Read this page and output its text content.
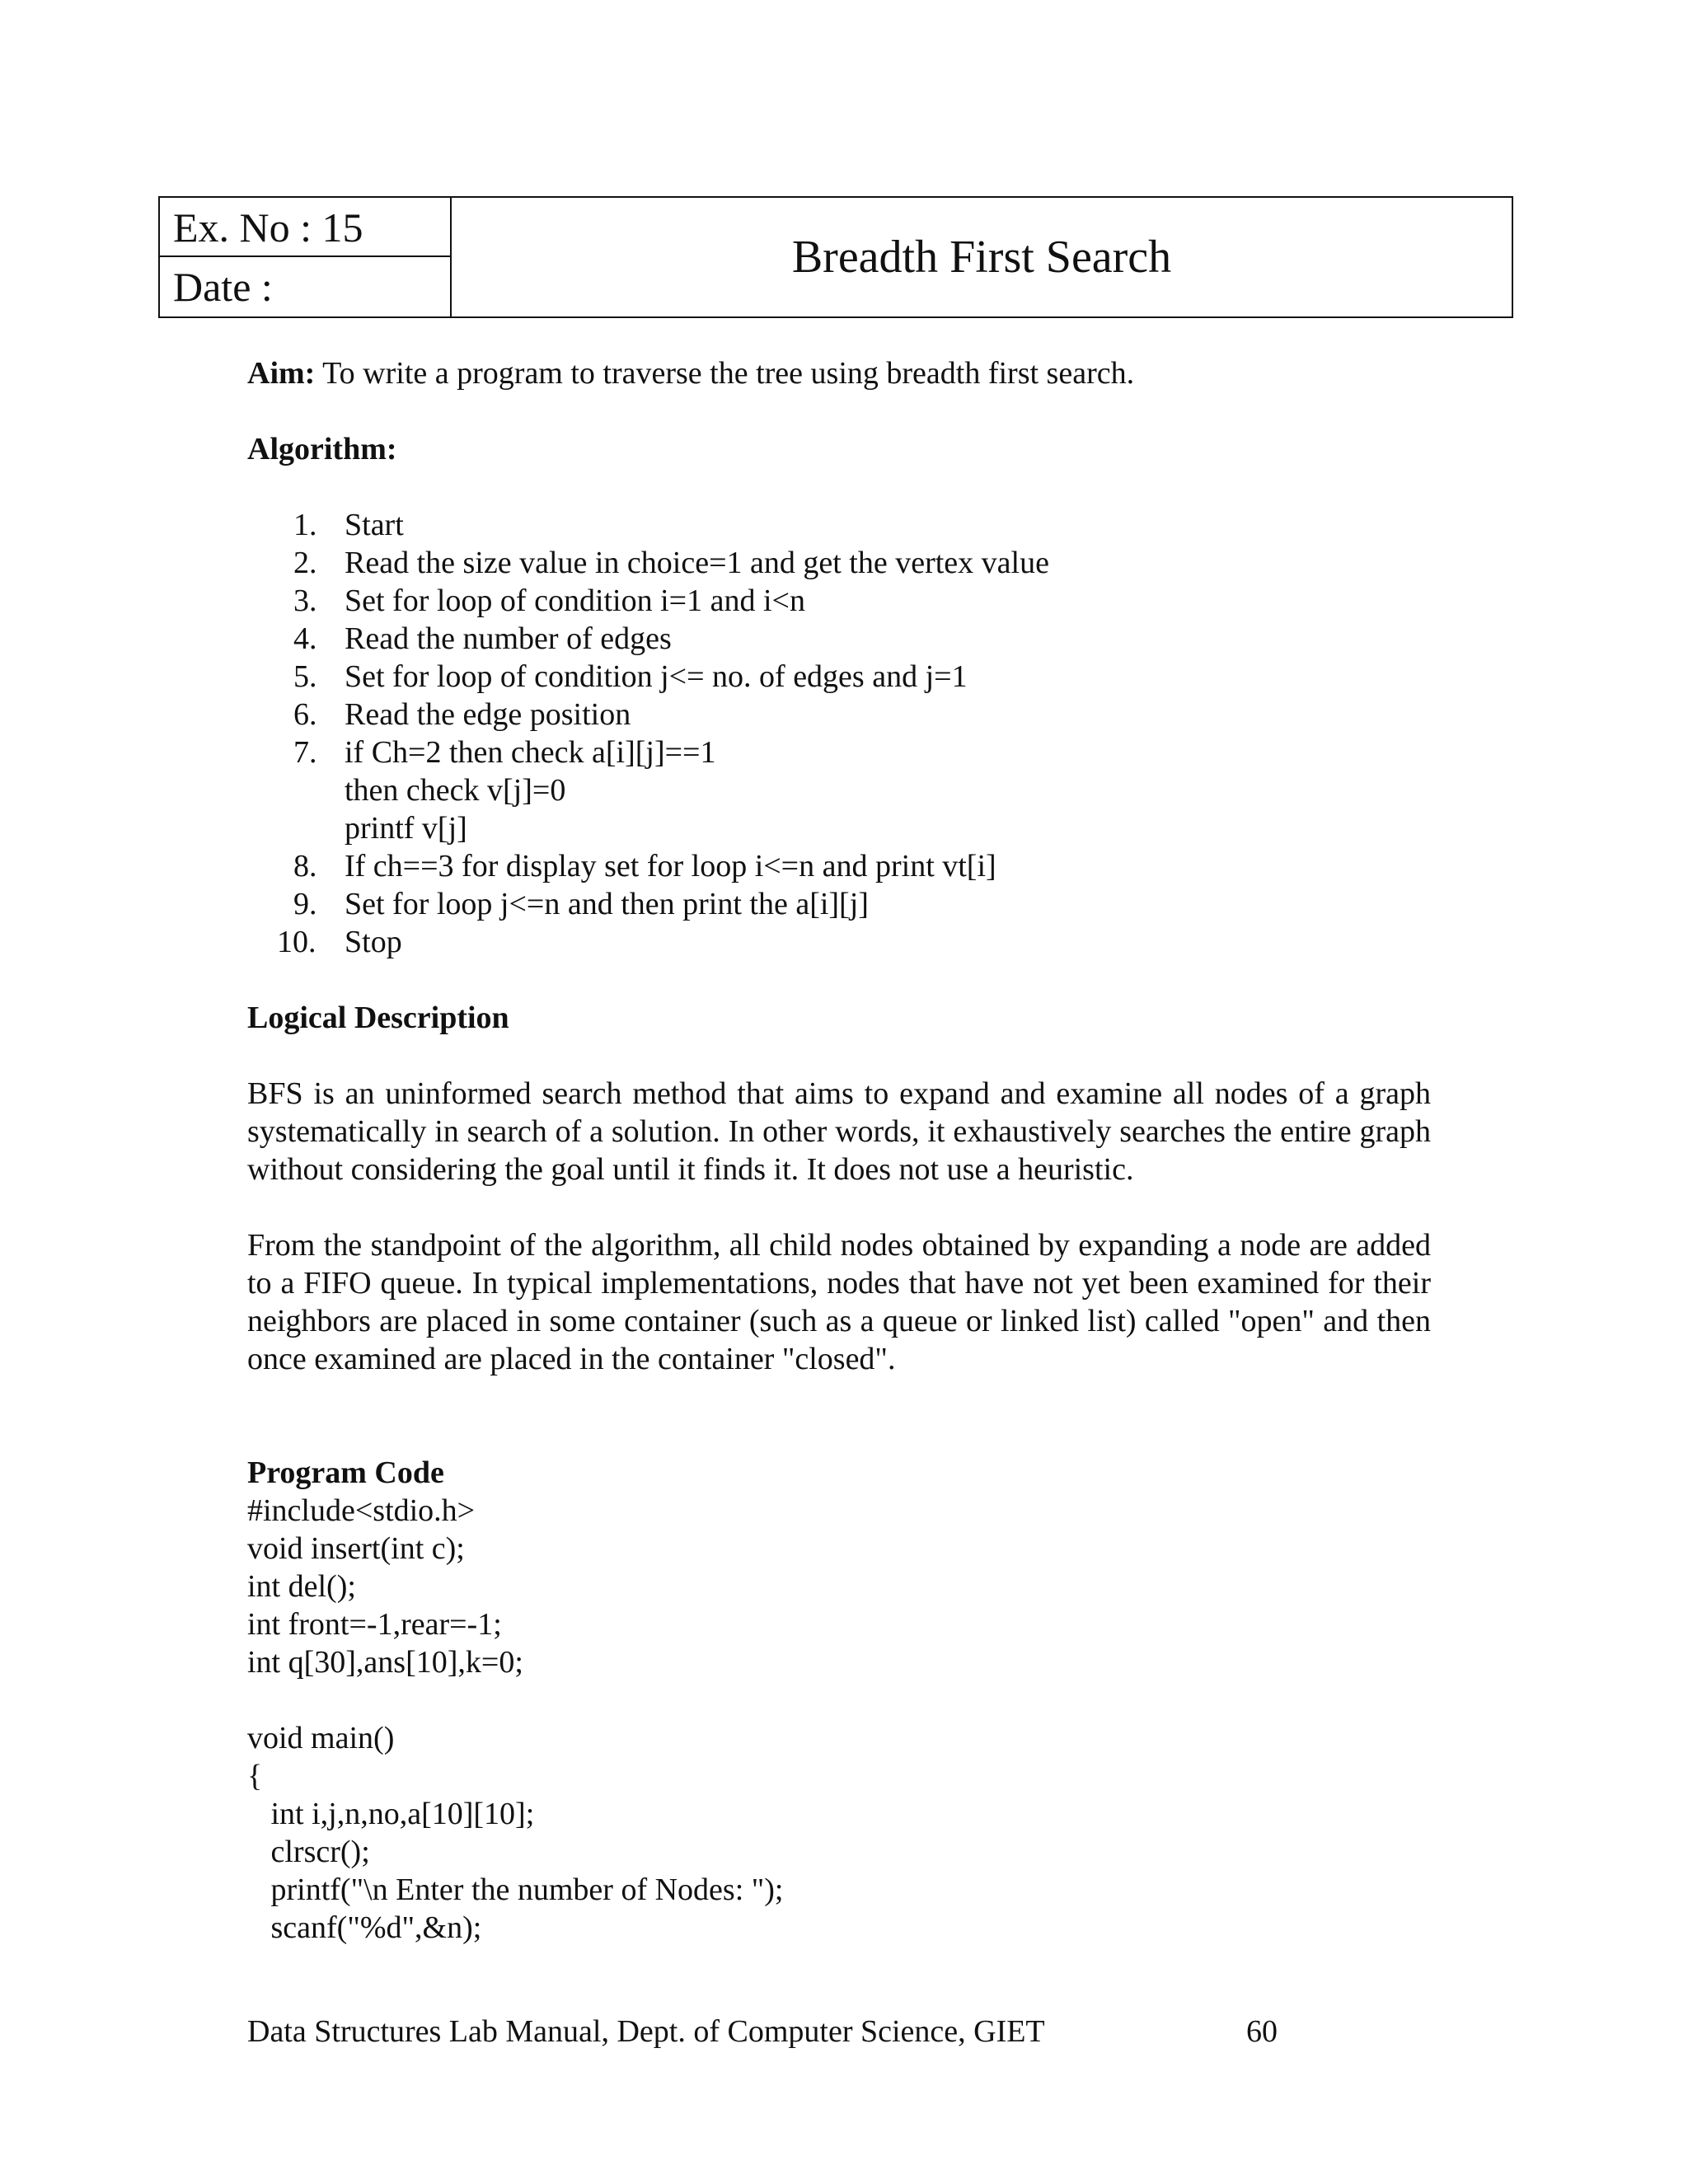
Ex. No : 15
Date :
Breadth First Search
Aim: To write a program to traverse the tree using breadth first search.
Algorithm:
1. Start
2. Read the size value in choice=1 and get the vertex value
3. Set for loop of condition i=1 and i<n
4. Read the number of edges
5. Set for loop of condition j<= no. of edges and j=1
6. Read the edge position
7. if Ch=2 then check a[i][j]==1
then check v[j]=0
printf v[j]
8. If ch==3 for display set for loop i<=n and print vt[i]
9. Set for loop j<=n and then print the a[i][j]
10. Stop
Logical Description

BFS is an uninformed search method that aims to expand and examine all nodes of a graph systematically in search of a solution. In other words, it exhaustively searches the entire graph without considering the goal until it finds it. It does not use a heuristic.

From the standpoint of the algorithm, all child nodes obtained by expanding a node are added to a FIFO queue. In typical implementations, nodes that have not yet been examined for their neighbors are placed in some container (such as a queue or linked list) called "open" and then once examined are placed in the container "closed".

Program Code
#include<stdio.h>
void insert(int c);
int del();
int front=-1,rear=-1;
int q[30],ans[10],k=0;

void main()
{
int i,j,n,no,a[10][10];
clrscr();
printf("\n Enter the number of Nodes: ");
scanf("%d",&n);
Data Structures Lab Manual, Dept. of Computer Science, GIET	60
